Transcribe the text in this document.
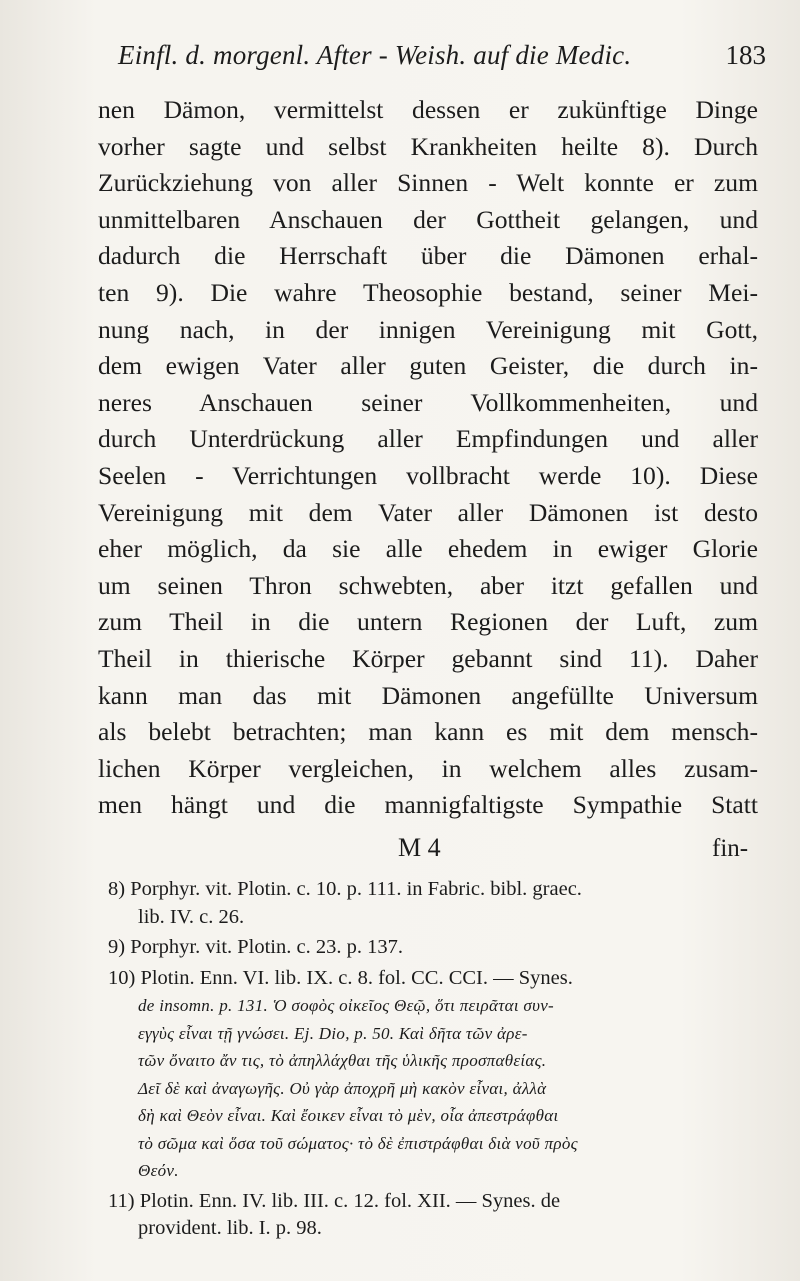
Einfl. d. morgenl. After - Weish. auf die Medic.	183
nen Dämon, vermittelst dessen er zukünftige Dinge
vorher sagte und selbst Krankheiten heilte 8). Durch
Zurückziehung von aller Sinnen - Welt konnte er zum
unmittelbaren Anschauen der Gottheit gelangen, und
dadurch die Herrschaft über die Dämonen erhal-
ten 9). Die wahre Theosophie bestand, seiner Mei-
nung nach, in der innigen Vereinigung mit Gott,
dem ewigen Vater aller guten Geister, die durch in-
neres Anschauen seiner Vollkommenheiten, und
durch Unterdrückung aller Empfindungen und aller
Seelen - Verrichtungen vollbracht werde 10). Diese
Vereinigung mit dem Vater aller Dämonen ist desto
eher möglich, da sie alle ehedem in ewiger Glorie
um seinen Thron schwebten, aber itzt gefallen und
zum Theil in die untern Regionen der Luft, zum
Theil in thierische Körper gebannt sind 11). Daher
kann man das mit Dämonen angefüllte Universum
als belebt betrachten; man kann es mit dem mensch-
lichen Körper vergleichen, in welchem alles zusam-
men hängt und die mannigfaltigste Sympathie Statt
M 4	fin-
8) Porphyr. vit. Plotin. c. 10. p. 111. in Fabric. bibl. graec.
lib. IV. c. 26.
9) Porphyr. vit. Plotin. c. 23. p. 137.
10) Plotin. Enn. VI. lib. IX. c. 8. fol. CC. CCI. — Synes.
de insomn. p. 131. Ὁ σοφὸς οἰκεῖος Θεῷ, ὅτι πειρᾶται συν-
εγγὺς εἶναι τῇ γνώσει. Ej. Dio, p. 50. Καὶ δῆτα τῶν ἀρε-
τῶν ὄναιτο ἄν τις, τὸ ἀπηλλάχθαι τῆς ὑλικῆς προσπαθείας.
Δεῖ δὲ καὶ ἀναγωγῆς. Οὐ γὰρ ἀποχρῆ μὴ κακὸν εἶναι, ἀλλὰ
δὴ καὶ Θεὸν εἶναι. Καὶ ἔοικεν εἶναι τὸ μὲν, οἷα ἀπεστράφθαι
τὸ σῶμα καὶ ὅσα τοῦ σώματος· τὸ δὲ ἐπιστράφθαι διὰ νοῦ πρὸς
Θεόν.
11) Plotin. Enn. IV. lib. III. c. 12. fol. XII. — Synes. de
provident. lib. I. p. 98.
